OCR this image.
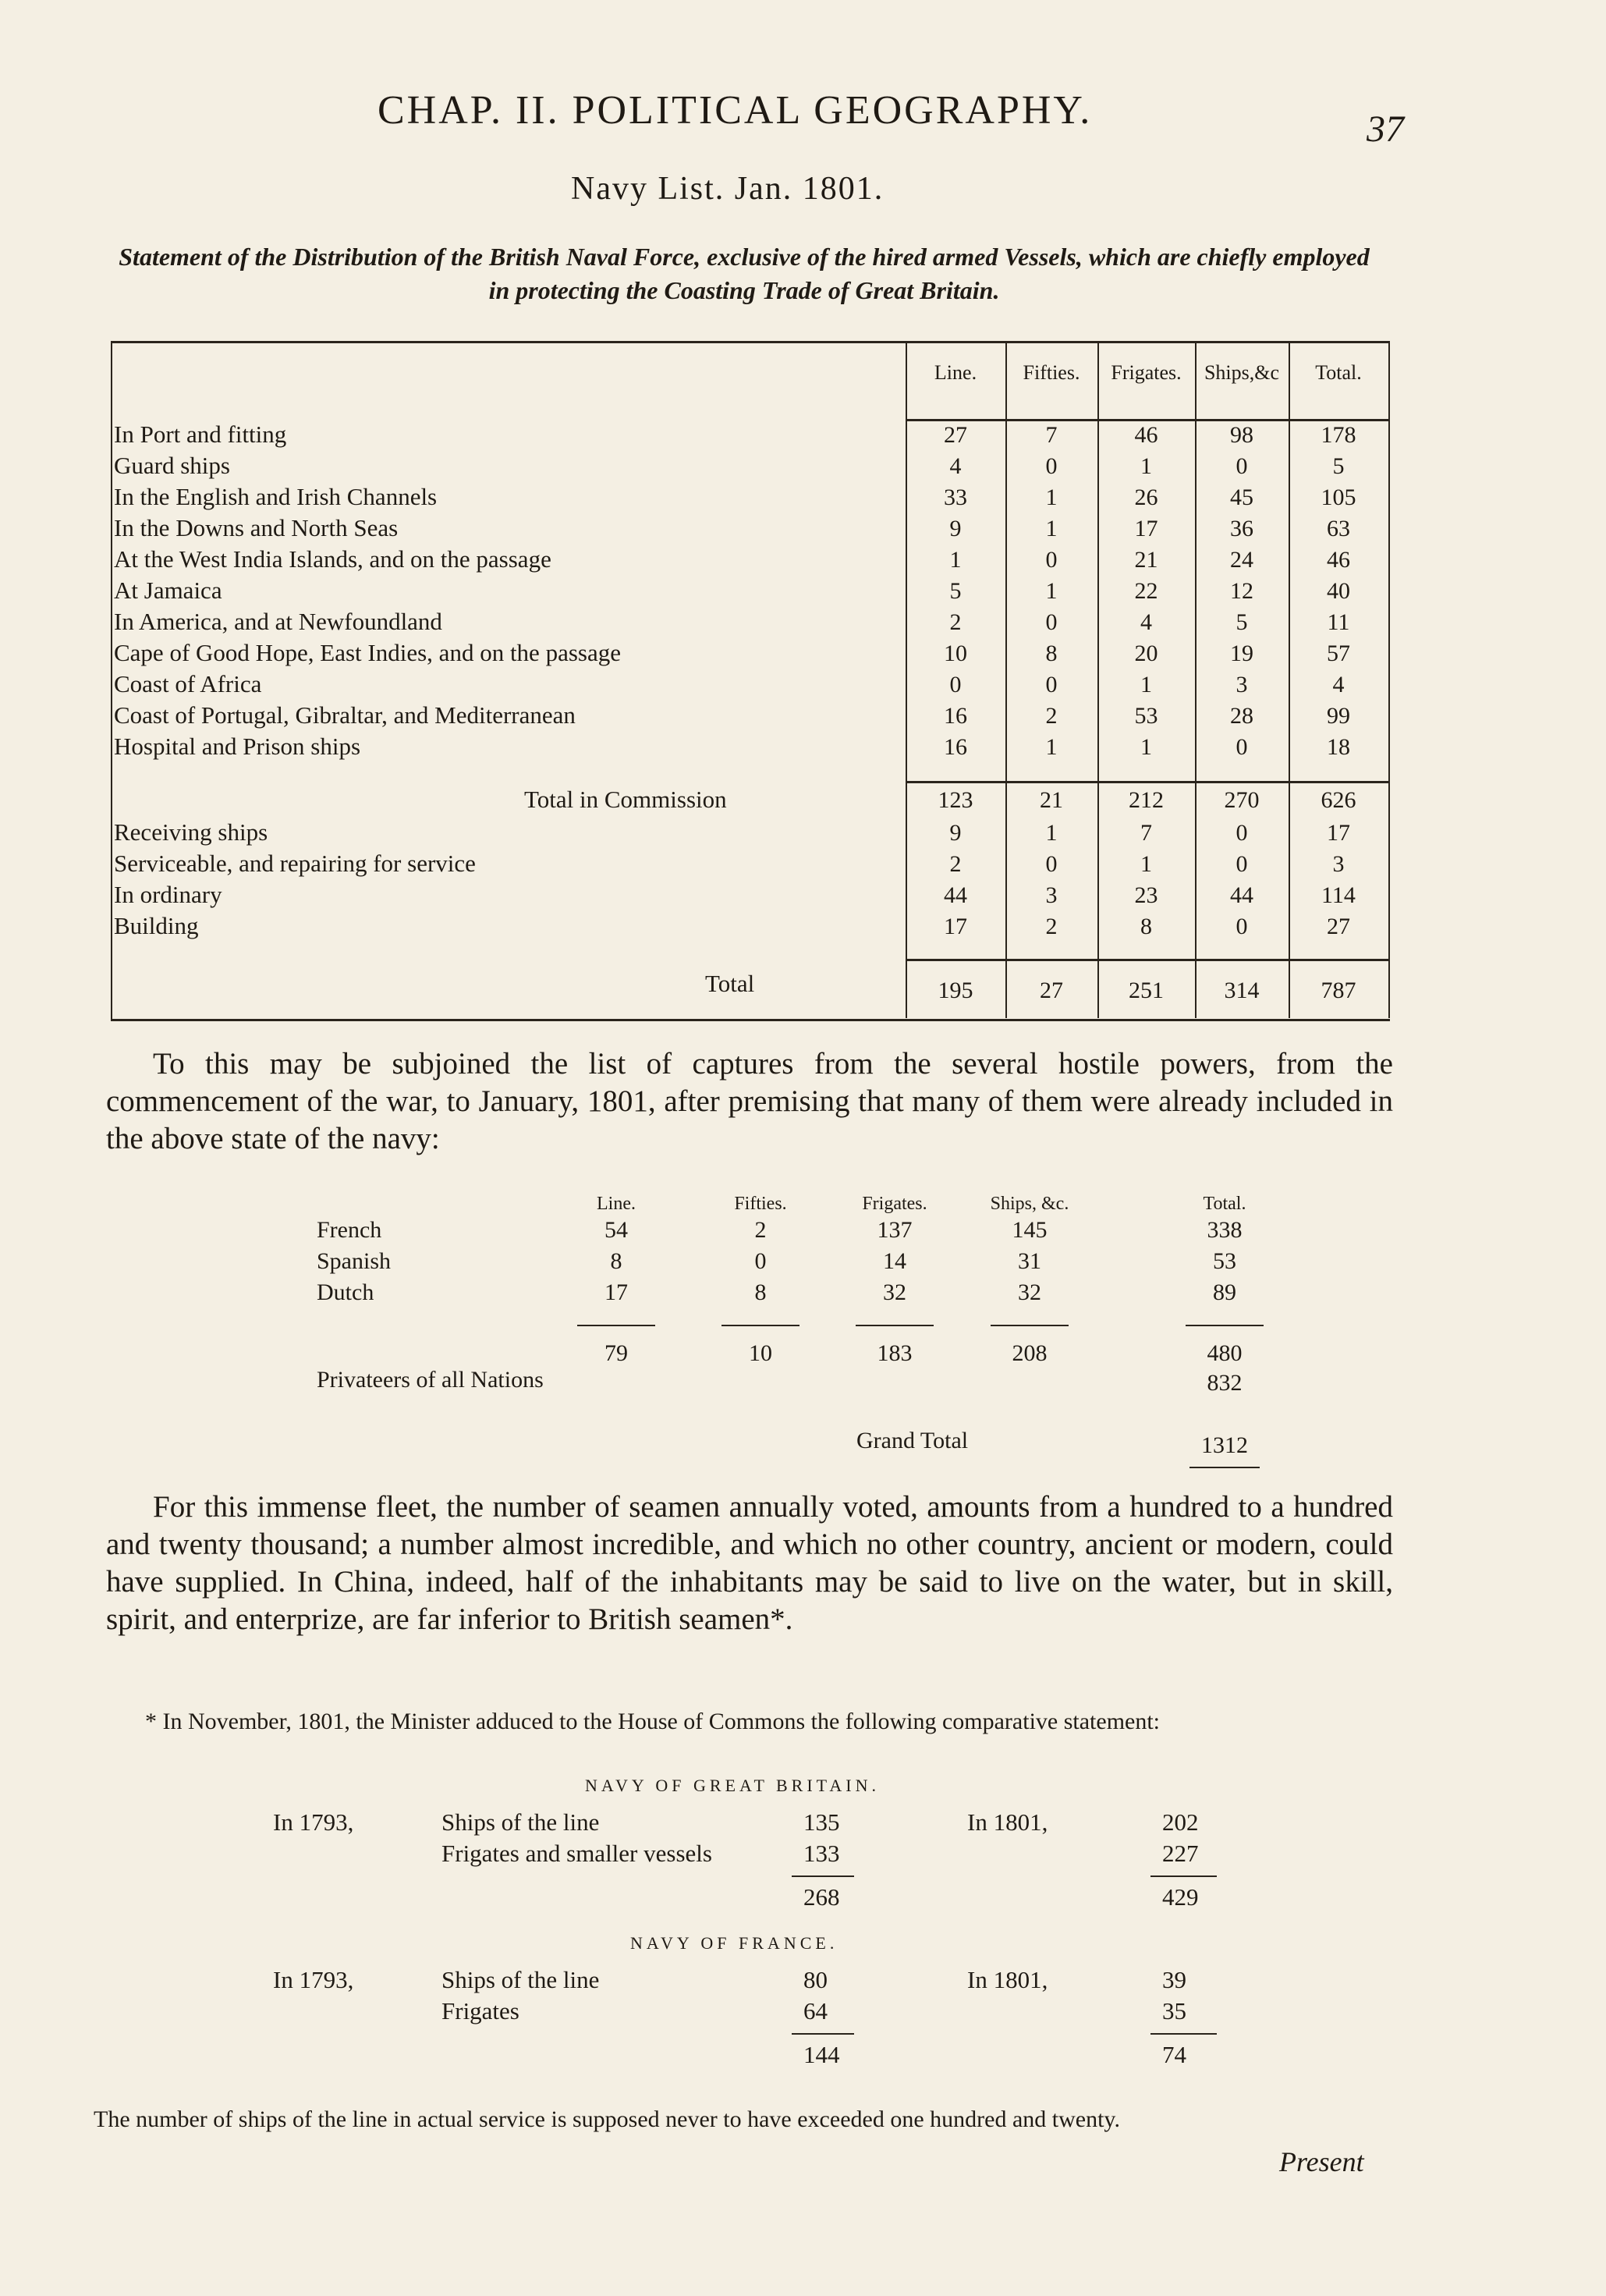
CHAP. II. POLITICAL GEOGRAPHY.	37
Navy List. Jan. 1801.
Statement of the Distribution of the British Naval Force, exclusive of the hired armed Vessels, which are chiefly employed in protecting the Coasting Trade of Great Britain.
Line.	Fifties.	Frigates.	Ships,&c	Total.
In Port and fitting	27	7	46	98	178
Guard ships	4	0	1	0	5
In the English and Irish Channels	33	1	26	45	105
In the Downs and North Seas	9	1	17	36	63
At the West India Islands, and on the passage	1	0	21	24	46
At Jamaica	5	1	22	12	40
In America, and at Newfoundland	2	0	4	5	11
Cape of Good Hope, East Indies, and on the passage	10	8	20	19	57
Coast of Africa	0	0	1	3	4
Coast of Portugal, Gibraltar, and Mediterranean	16	2	53	28	99
Hospital and Prison ships	16	1	1	0	18
Total in Commission	123	21	212	270	626
Receiving ships	9	1	7	0	17
Serviceable, and repairing for service	2	0	1	0	3
In ordinary	44	3	23	44	114
Building	17	2	8	0	27
Total	195	27	251	314	787
To this may be subjoined the list of captures from the several hostile powers, from the commencement of the war, to January, 1801, after premising that many of them were already included in the above state of the navy:
Line.	Fifties.	Frigates.	Ships, &c.	Total.
French	54	2	137	145	338
Spanish	8	0	14	31	53
Dutch	17	8	32	32	89
79	10	183	208	480
Privateers of all Nations	832
Grand Total	1312
For this immense fleet, the number of seamen annually voted, amounts from a hundred to a hundred and twenty thousand; a number almost incredible, and which no other country, ancient or modern, could have supplied. In China, indeed, half of the inhabitants may be said to live on the water, but in skill, spirit, and enterprize, are far inferior to British seamen*.
* In November, 1801, the Minister adduced to the House of Commons the following comparative statement:
NAVY OF GREAT BRITAIN.
In 1793,	Ships of the line	135	In 1801,	202
Frigates and smaller vessels	133	227
268	429
NAVY OF FRANCE.
In 1793,	Ships of the line	80	In 1801,	39
Frigates	64	35
144	74
The number of ships of the line in actual service is supposed never to have exceeded one hundred and twenty.
Present
